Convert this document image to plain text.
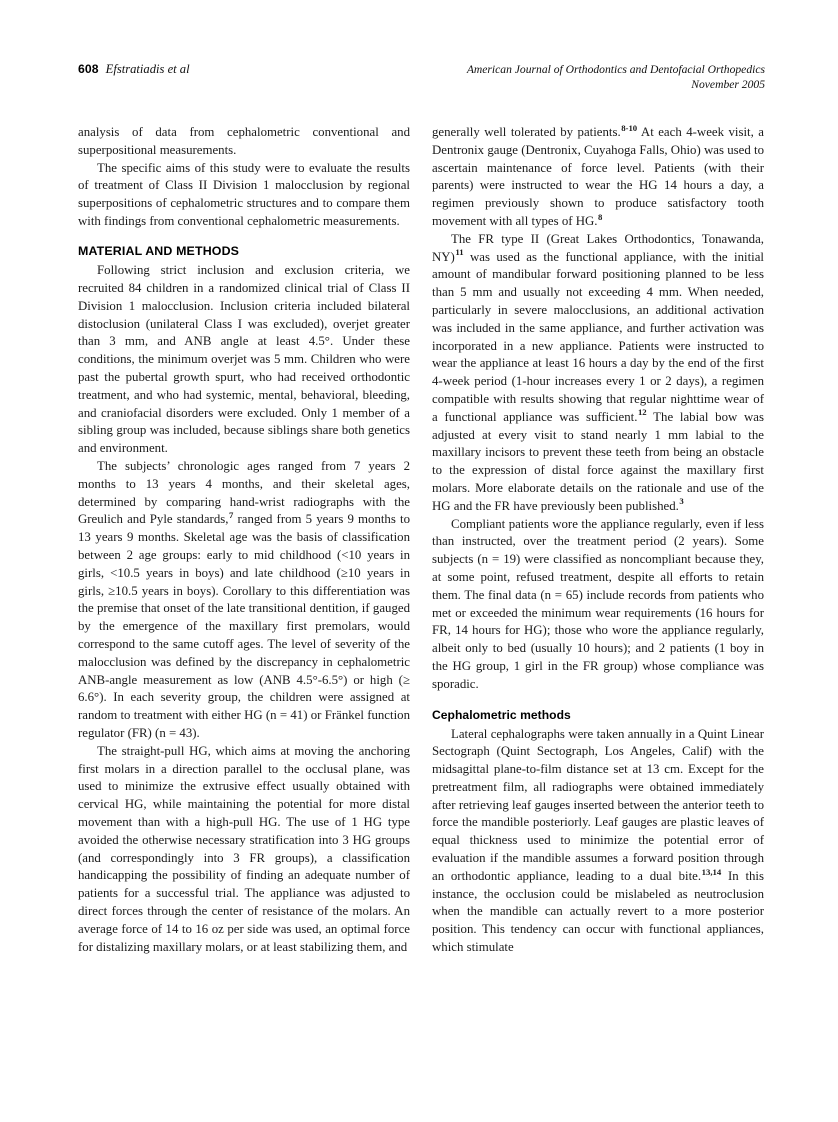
608 Efstratiadis et al	American Journal of Orthodontics and Dentofacial Orthopedics
November 2005

analysis of data from cephalometric conventional and superpositional measurements.

The specific aims of this study were to evaluate the results of treatment of Class II Division 1 malocclusion by regional superpositions of cephalometric structures and to compare them with findings from conventional cephalometric measurements.

MATERIAL AND METHODS

Following strict inclusion and exclusion criteria, we recruited 84 children in a randomized clinical trial of Class II Division 1 malocclusion. Inclusion criteria included bilateral distoclusion (unilateral Class I was excluded), overjet greater than 3 mm, and ANB angle at least 4.5°. Under these conditions, the minimum overjet was 5 mm. Children who were past the pubertal growth spurt, who had received orthodontic treatment, and who had systemic, mental, behavioral, bleeding, and craniofacial disorders were excluded. Only 1 member of a sibling group was included, because siblings share both genetics and environment.

The subjects’ chronologic ages ranged from 7 years 2 months to 13 years 4 months, and their skeletal ages, determined by comparing hand-wrist radiographs with the Greulich and Pyle standards,$^7$ ranged from 5 years 9 months to 13 years 9 months. Skeletal age was the basis of classification between 2 age groups: early to mid childhood (<10 years in girls, <10.5 years in boys) and late childhood (≥10 years in girls, ≥10.5 years in boys). Corollary to this differentiation was the premise that onset of the late transitional dentition, if gauged by the emergence of the maxillary first premolars, would correspond to the same cutoff ages. The level of severity of the malocclusion was defined by the discrepancy in cephalometric ANB-angle measurement as low (ANB 4.5°-6.5°) or high (≥ 6.6°). In each severity group, the children were assigned at random to treatment with either HG (n = 41) or Fränkel function regulator (FR) (n = 43).

The straight-pull HG, which aims at moving the anchoring first molars in a direction parallel to the occlusal plane, was used to minimize the extrusive effect usually obtained with cervical HG, while maintaining the potential for more distal movement than with a high-pull HG. The use of 1 HG type avoided the otherwise necessary stratification into 3 HG groups (and correspondingly into 3 FR groups), a classification handicapping the possibility of finding an adequate number of patients for a successful trial. The appliance was adjusted to direct forces through the center of resistance of the molars. An average force of 14 to 16 oz per side was used, an optimal force for distalizing maxillary molars, or at least stabilizing them, and

generally well tolerated by patients.$^{8-10}$ At each 4-week visit, a Dentronix gauge (Dentronix, Cuyahoga Falls, Ohio) was used to ascertain maintenance of force level. Patients (with their parents) were instructed to wear the HG 14 hours a day, a regimen previously shown to produce satisfactory tooth movement with all types of HG.$^8$

The FR type II (Great Lakes Orthodontics, Tonawanda, NY)$^{11}$ was used as the functional appliance, with the initial amount of mandibular forward positioning planned to be less than 5 mm and usually not exceeding 4 mm. When needed, particularly in severe malocclusions, an additional activation was included in the same appliance, and further activation was incorporated in a new appliance. Patients were instructed to wear the appliance at least 16 hours a day by the end of the first 4-week period (1-hour increases every 1 or 2 days), a regimen compatible with results showing that regular nighttime wear of a functional appliance was sufficient.$^{12}$ The labial bow was adjusted at every visit to stand nearly 1 mm labial to the maxillary incisors to prevent these teeth from being an obstacle to the expression of distal force against the maxillary first molars. More elaborate details on the rationale and use of the HG and the FR have previously been published.$^3$

Compliant patients wore the appliance regularly, even if less than instructed, over the treatment period (2 years). Some subjects (n = 19) were classified as noncompliant because they, at some point, refused treatment, despite all efforts to retain them. The final data (n = 65) include records from patients who met or exceeded the minimum wear requirements (16 hours for FR, 14 hours for HG); those who wore the appliance regularly, albeit only to bed (usually 10 hours); and 2 patients (1 boy in the HG group, 1 girl in the FR group) whose compliance was sporadic.

Cephalometric methods

Lateral cephalographs were taken annually in a Quint Linear Sectograph (Quint Sectograph, Los Angeles, Calif) with the midsagittal plane-to-film distance set at 13 cm. Except for the pretreatment film, all radiographs were obtained immediately after retrieving leaf gauges inserted between the anterior teeth to force the mandible posteriorly. Leaf gauges are plastic leaves of equal thickness used to minimize the potential error of evaluation if the mandible assumes a forward position through an orthodontic appliance, leading to a dual bite.$^{13,14}$ In this instance, the occlusion could be mislabeled as neutroclusion when the mandible can actually revert to a more posterior position. This tendency can occur with functional appliances, which stimulate
